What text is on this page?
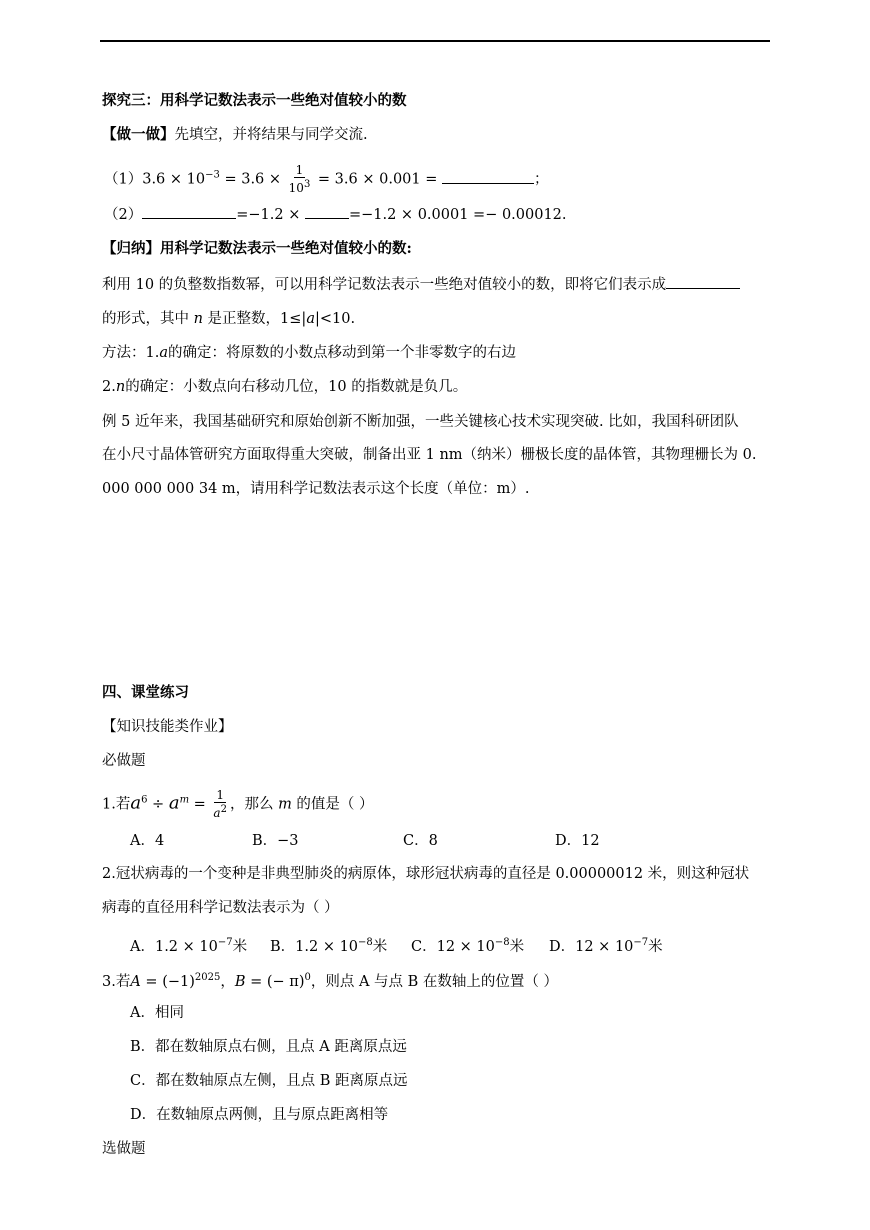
探究三：用科学记数法表示一些绝对值较小的数
【做一做】先填空，并将结果与同学交流.
$(1)3.6 \times 10^{-3} = 3.6 \times \frac{1}{10^3} = 3.6 \times 0.001$ =	；
（2）	=−1.2 ×	=−1.2 × 0.0001 =− 0.00012.
【归纳】用科学记数法表示一些绝对值较小的数:
利用 10 的负整数指数幂，可以用科学记数法表示一些绝对值较小的数，即将它们表示成
的形式，其中 n 是正整数，1≤|a|<10.
方法：1.a的确定：将原数的小数点移动到第一个非零数字的右边
2.n的确定：小数点向右移动几位，10 的指数就是负几。
例 5 近年来，我国基础研究和原始创新不断加强，一些关键核心技术实现突破. 比如，我国科研团队
在小尺寸晶体管研究方面取得重大突破，制备出亚 1 nm（纳米）栅极长度的晶体管，其物理栅长为 0.
000 000 000 34 m，请用科学记数法表示这个长度（单位：m）.
四、课堂练习
【知识技能类作业】
必做题
1.若$a^6 \div a^m = \frac{1}{a^2}$ ，那么 m 的值是（ ）
A．4	B．−3	C．8	D．12
2.冠状病毒的一个变种是非典型肺炎的病原体，球形冠状病毒的直径是 0.00000012 米，则这种冠状
病毒的直径用科学记数法表示为（ ）
A．$1.2 \times 10^{-7}$米 B．$1.2 \times 10^{-8}$米 C．$12 \times 10^{-8}$米 D．$12 \times 10^{-7}$米
3.若$A = (-1)^{2025}$，B = (− π)$^0$，则点 A 与点 B 在数轴上的位置（ ）
A．相同
B．都在数轴原点右侧，且点 A 距离原点远
C．都在数轴原点左侧，且点 B 距离原点远
D．在数轴原点两侧，且与原点距离相等
选做题
